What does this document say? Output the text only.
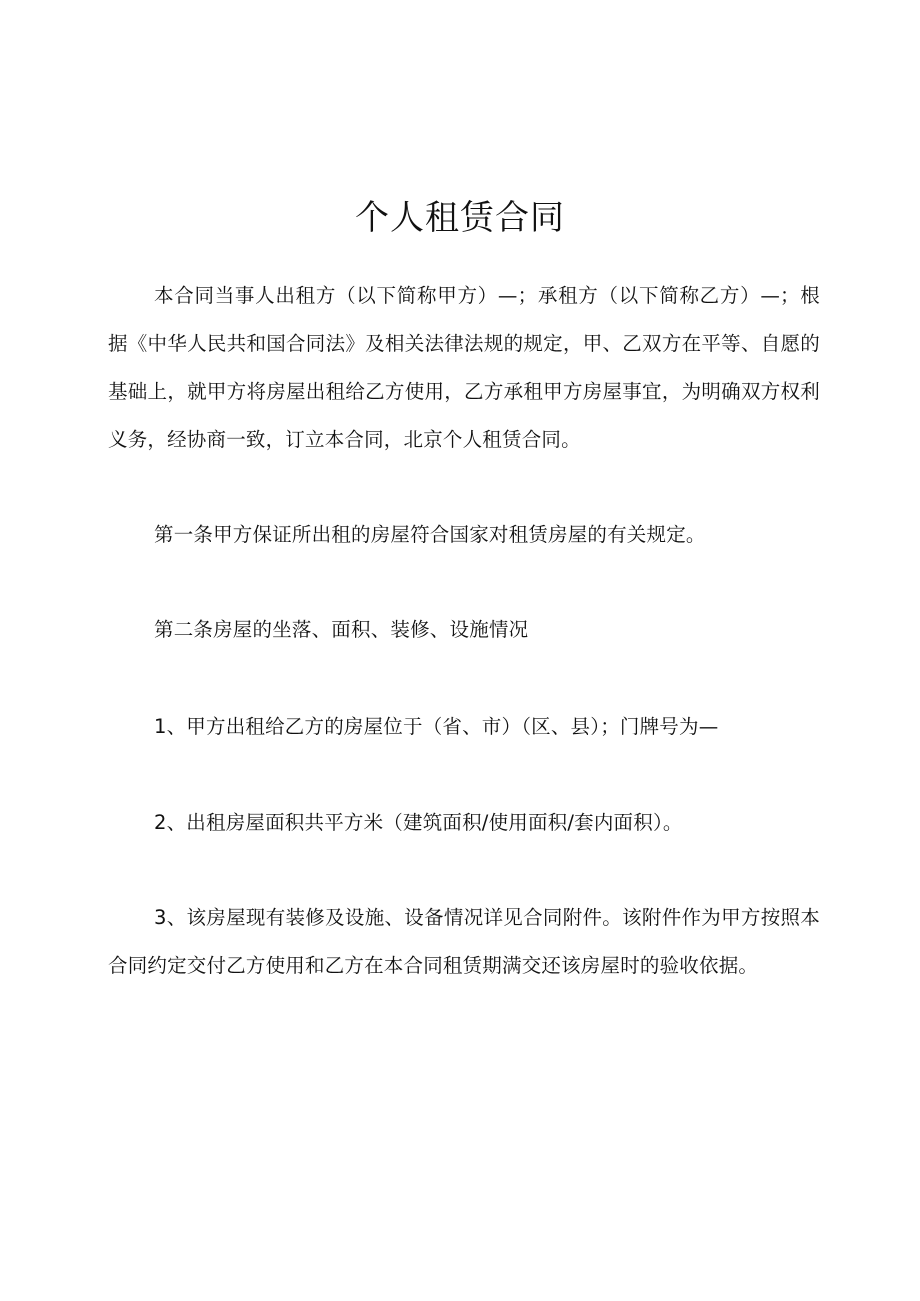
个人租赁合同

本合同当事人出租方（以下简称甲方）—；承租方（以下简称乙方）—；根据《中华人民共和国合同法》及相关法律法规的规定，甲、乙双方在平等、自愿的基础上，就甲方将房屋出租给乙方使用，乙方承租甲方房屋事宜，为明确双方权利义务，经协商一致，订立本合同，北京个人租赁合同。

第一条甲方保证所出租的房屋符合国家对租赁房屋的有关规定。

第二条房屋的坐落、面积、装修、设施情况

1、甲方出租给乙方的房屋位于（省、市）（区、县）；门牌号为—

2、出租房屋面积共平方米（建筑面积/使用面积/套内面积）。

3、该房屋现有装修及设施、设备情况详见合同附件。该附件作为甲方按照本合同约定交付乙方使用和乙方在本合同租赁期满交还该房屋时的验收依据。
